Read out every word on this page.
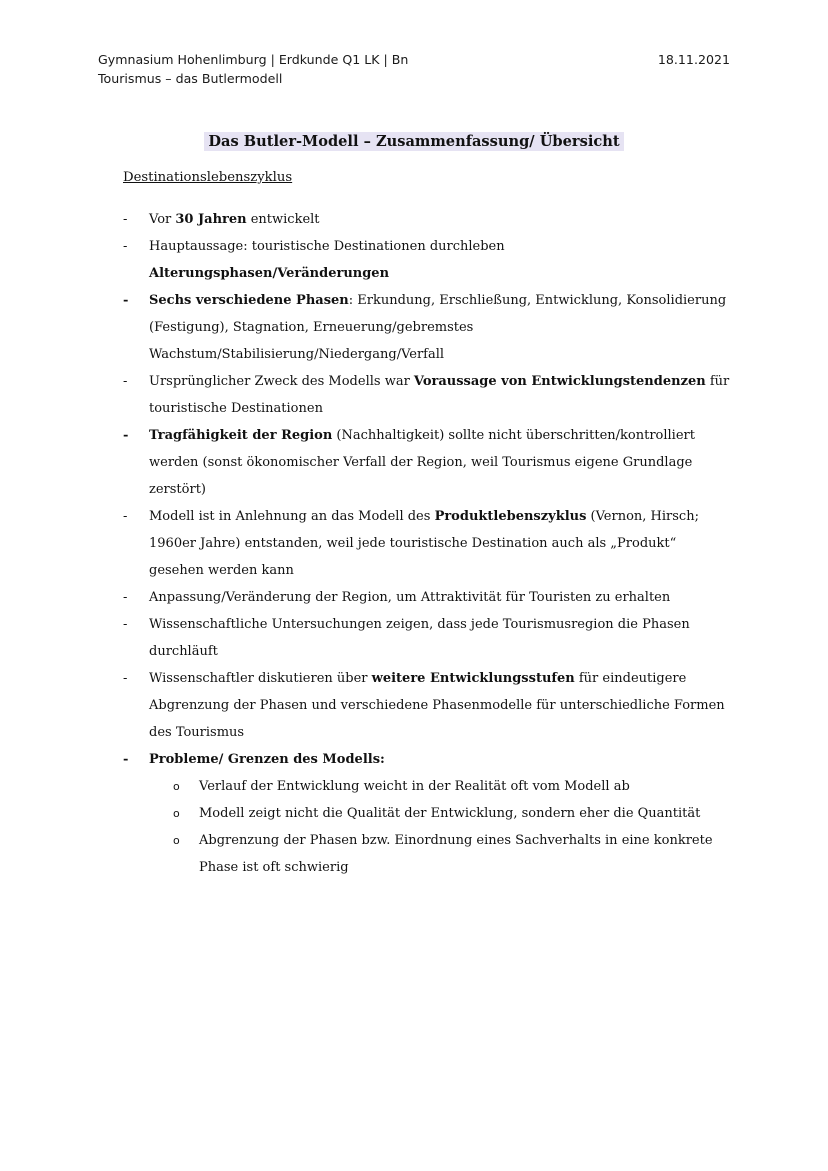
Gymnasium Hohenlimburg | Erdkunde Q1 LK | Bn
Tourismus – das Butlermodell
18.11.2021
Das Butler-Modell – Zusammenfassung/ Übersicht
Destinationslebenszyklus
- Vor 30 Jahren entwickelt
- Hauptaussage: touristische Destinationen durchleben
Alterungsphasen/Veränderungen
- Sechs verschiedene Phasen: Erkundung, Erschließung, Entwicklung, Konsolidierung (Festigung), Stagnation, Erneuerung/gebremstes Wachstum/Stabilisierung/Niedergang/Verfall
- Ursprünglicher Zweck des Modells war Voraussage von Entwicklungstendenzen für touristische Destinationen
- Tragfähigkeit der Region (Nachhaltigkeit) sollte nicht überschritten/kontrolliert werden (sonst ökonomischer Verfall der Region, weil Tourismus eigene Grundlage zerstört)
- Modell ist in Anlehnung an das Modell des Produktlebenszyklus (Vernon, Hirsch; 1960er Jahre) entstanden, weil jede touristische Destination auch als „Produkt“ gesehen werden kann
- Anpassung/Veränderung der Region, um Attraktivität für Touristen zu erhalten
- Wissenschaftliche Untersuchungen zeigen, dass jede Tourismusregion die Phasen durchläuft
- Wissenschaftler diskutieren über weitere Entwicklungsstufen für eindeutigere Abgrenzung der Phasen und verschiedene Phasenmodelle für unterschiedliche Formen des Tourismus
- Probleme/ Grenzen des Modells:
o Verlauf der Entwicklung weicht in der Realität oft vom Modell ab
o Modell zeigt nicht die Qualität der Entwicklung, sondern eher die Quantität
o Abgrenzung der Phasen bzw. Einordnung eines Sachverhalts in eine konkrete Phase ist oft schwierig
